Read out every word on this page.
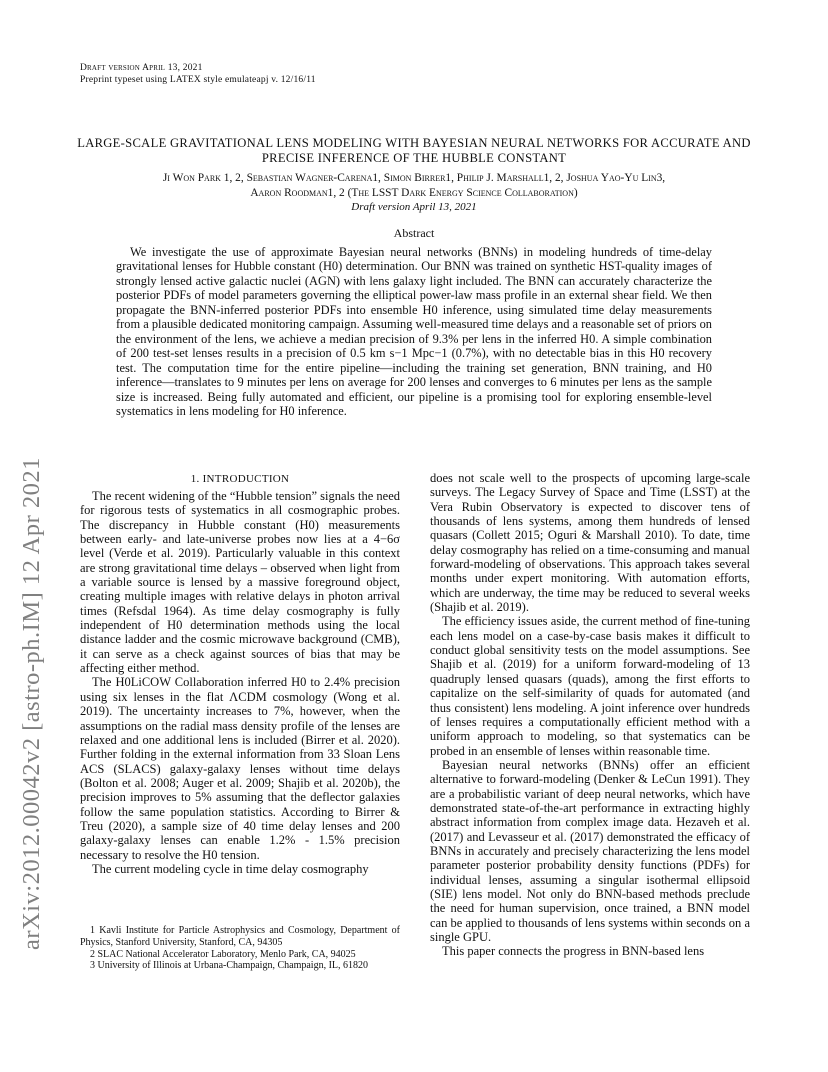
Draft version April 13, 2021
Preprint typeset using LATEX style emulateapj v. 12/16/11
arXiv:2012.00042v2 [astro-ph.IM] 12 Apr 2021
LARGE-SCALE GRAVITATIONAL LENS MODELING WITH BAYESIAN NEURAL NETWORKS FOR ACCURATE AND PRECISE INFERENCE OF THE HUBBLE CONSTANT
Ji Won Park 1, 2, Sebastian Wagner-Carena1, Simon Birrer1, Philip J. Marshall1, 2, Joshua Yao-Yu Lin3,
Aaron Roodman1, 2 (The LSST Dark Energy Science Collaboration)
Draft version April 13, 2021
Abstract
We investigate the use of approximate Bayesian neural networks (BNNs) in modeling hundreds of time-delay gravitational lenses for Hubble constant (H0) determination. Our BNN was trained on synthetic HST-quality images of strongly lensed active galactic nuclei (AGN) with lens galaxy light included. The BNN can accurately characterize the posterior PDFs of model parameters governing the elliptical power-law mass profile in an external shear field. We then propagate the BNN-inferred posterior PDFs into ensemble H0 inference, using simulated time delay measurements from a plausible dedicated monitoring campaign. Assuming well-measured time delays and a reasonable set of priors on the environment of the lens, we achieve a median precision of 9.3% per lens in the inferred H0. A simple combination of 200 test-set lenses results in a precision of 0.5 km s−1 Mpc−1 (0.7%), with no detectable bias in this H0 recovery test. The computation time for the entire pipeline—including the training set generation, BNN training, and H0 inference—translates to 9 minutes per lens on average for 200 lenses and converges to 6 minutes per lens as the sample size is increased. Being fully automated and efficient, our pipeline is a promising tool for exploring ensemble-level systematics in lens modeling for H0 inference.
1. INTRODUCTION

The recent widening of the “Hubble tension” signals the need for rigorous tests of systematics in all cosmographic probes. The discrepancy in Hubble constant (H0) measurements between early- and late-universe probes now lies at a 4−6σ level (Verde et al. 2019). Particularly valuable in this context are strong gravitational time delays – observed when light from a variable source is lensed by a massive foreground object, creating multiple images with relative delays in photon arrival times (Refsdal 1964). As time delay cosmography is fully independent of H0 determination methods using the local distance ladder and the cosmic microwave background (CMB), it can serve as a check against sources of bias that may be affecting either method.

The H0LiCOW Collaboration inferred H0 to 2.4% precision using six lenses in the flat ΛCDM cosmology (Wong et al. 2019). The uncertainty increases to 7%, however, when the assumptions on the radial mass density profile of the lenses are relaxed and one additional lens is included (Birrer et al. 2020). Further folding in the external information from 33 Sloan Lens ACS (SLACS) galaxy-galaxy lenses without time delays (Bolton et al. 2008; Auger et al. 2009; Shajib et al. 2020b), the precision improves to 5% assuming that the deflector galaxies follow the same population statistics. According to Birrer & Treu (2020), a sample size of 40 time delay lenses and 200 galaxy-galaxy lenses can enable 1.2% - 1.5% precision necessary to resolve the H0 tension.

The current modeling cycle in time delay cosmography

1 Kavli Institute for Particle Astrophysics and Cosmology, Department of Physics, Stanford University, Stanford, CA, 94305
2 SLAC National Accelerator Laboratory, Menlo Park, CA, 94025
3 University of Illinois at Urbana-Champaign, Champaign, IL, 61820

does not scale well to the prospects of upcoming large-scale surveys. The Legacy Survey of Space and Time (LSST) at the Vera Rubin Observatory is expected to discover tens of thousands of lens systems, among them hundreds of lensed quasars (Collett 2015; Oguri & Marshall 2010). To date, time delay cosmography has relied on a time-consuming and manual forward-modeling of observations. This approach takes several months under expert monitoring. With automation efforts, which are underway, the time may be reduced to several weeks (Shajib et al. 2019).

The efficiency issues aside, the current method of fine-tuning each lens model on a case-by-case basis makes it difficult to conduct global sensitivity tests on the model assumptions. See Shajib et al. (2019) for a uniform forward-modeling of 13 quadruply lensed quasars (quads), among the first efforts to capitalize on the self-similarity of quads for automated (and thus consistent) lens modeling. A joint inference over hundreds of lenses requires a computationally efficient method with a uniform approach to modeling, so that systematics can be probed in an ensemble of lenses within reasonable time.

Bayesian neural networks (BNNs) offer an efficient alternative to forward-modeling (Denker & LeCun 1991). They are a probabilistic variant of deep neural networks, which have demonstrated state-of-the-art performance in extracting highly abstract information from complex image data. Hezaveh et al. (2017) and Levasseur et al. (2017) demonstrated the efficacy of BNNs in accurately and precisely characterizing the lens model parameter posterior probability density functions (PDFs) for individual lenses, assuming a singular isothermal ellipsoid (SIE) lens model. Not only do BNN-based methods preclude the need for human supervision, once trained, a BNN model can be applied to thousands of lens systems within seconds on a single GPU.

This paper connects the progress in BNN-based lens
